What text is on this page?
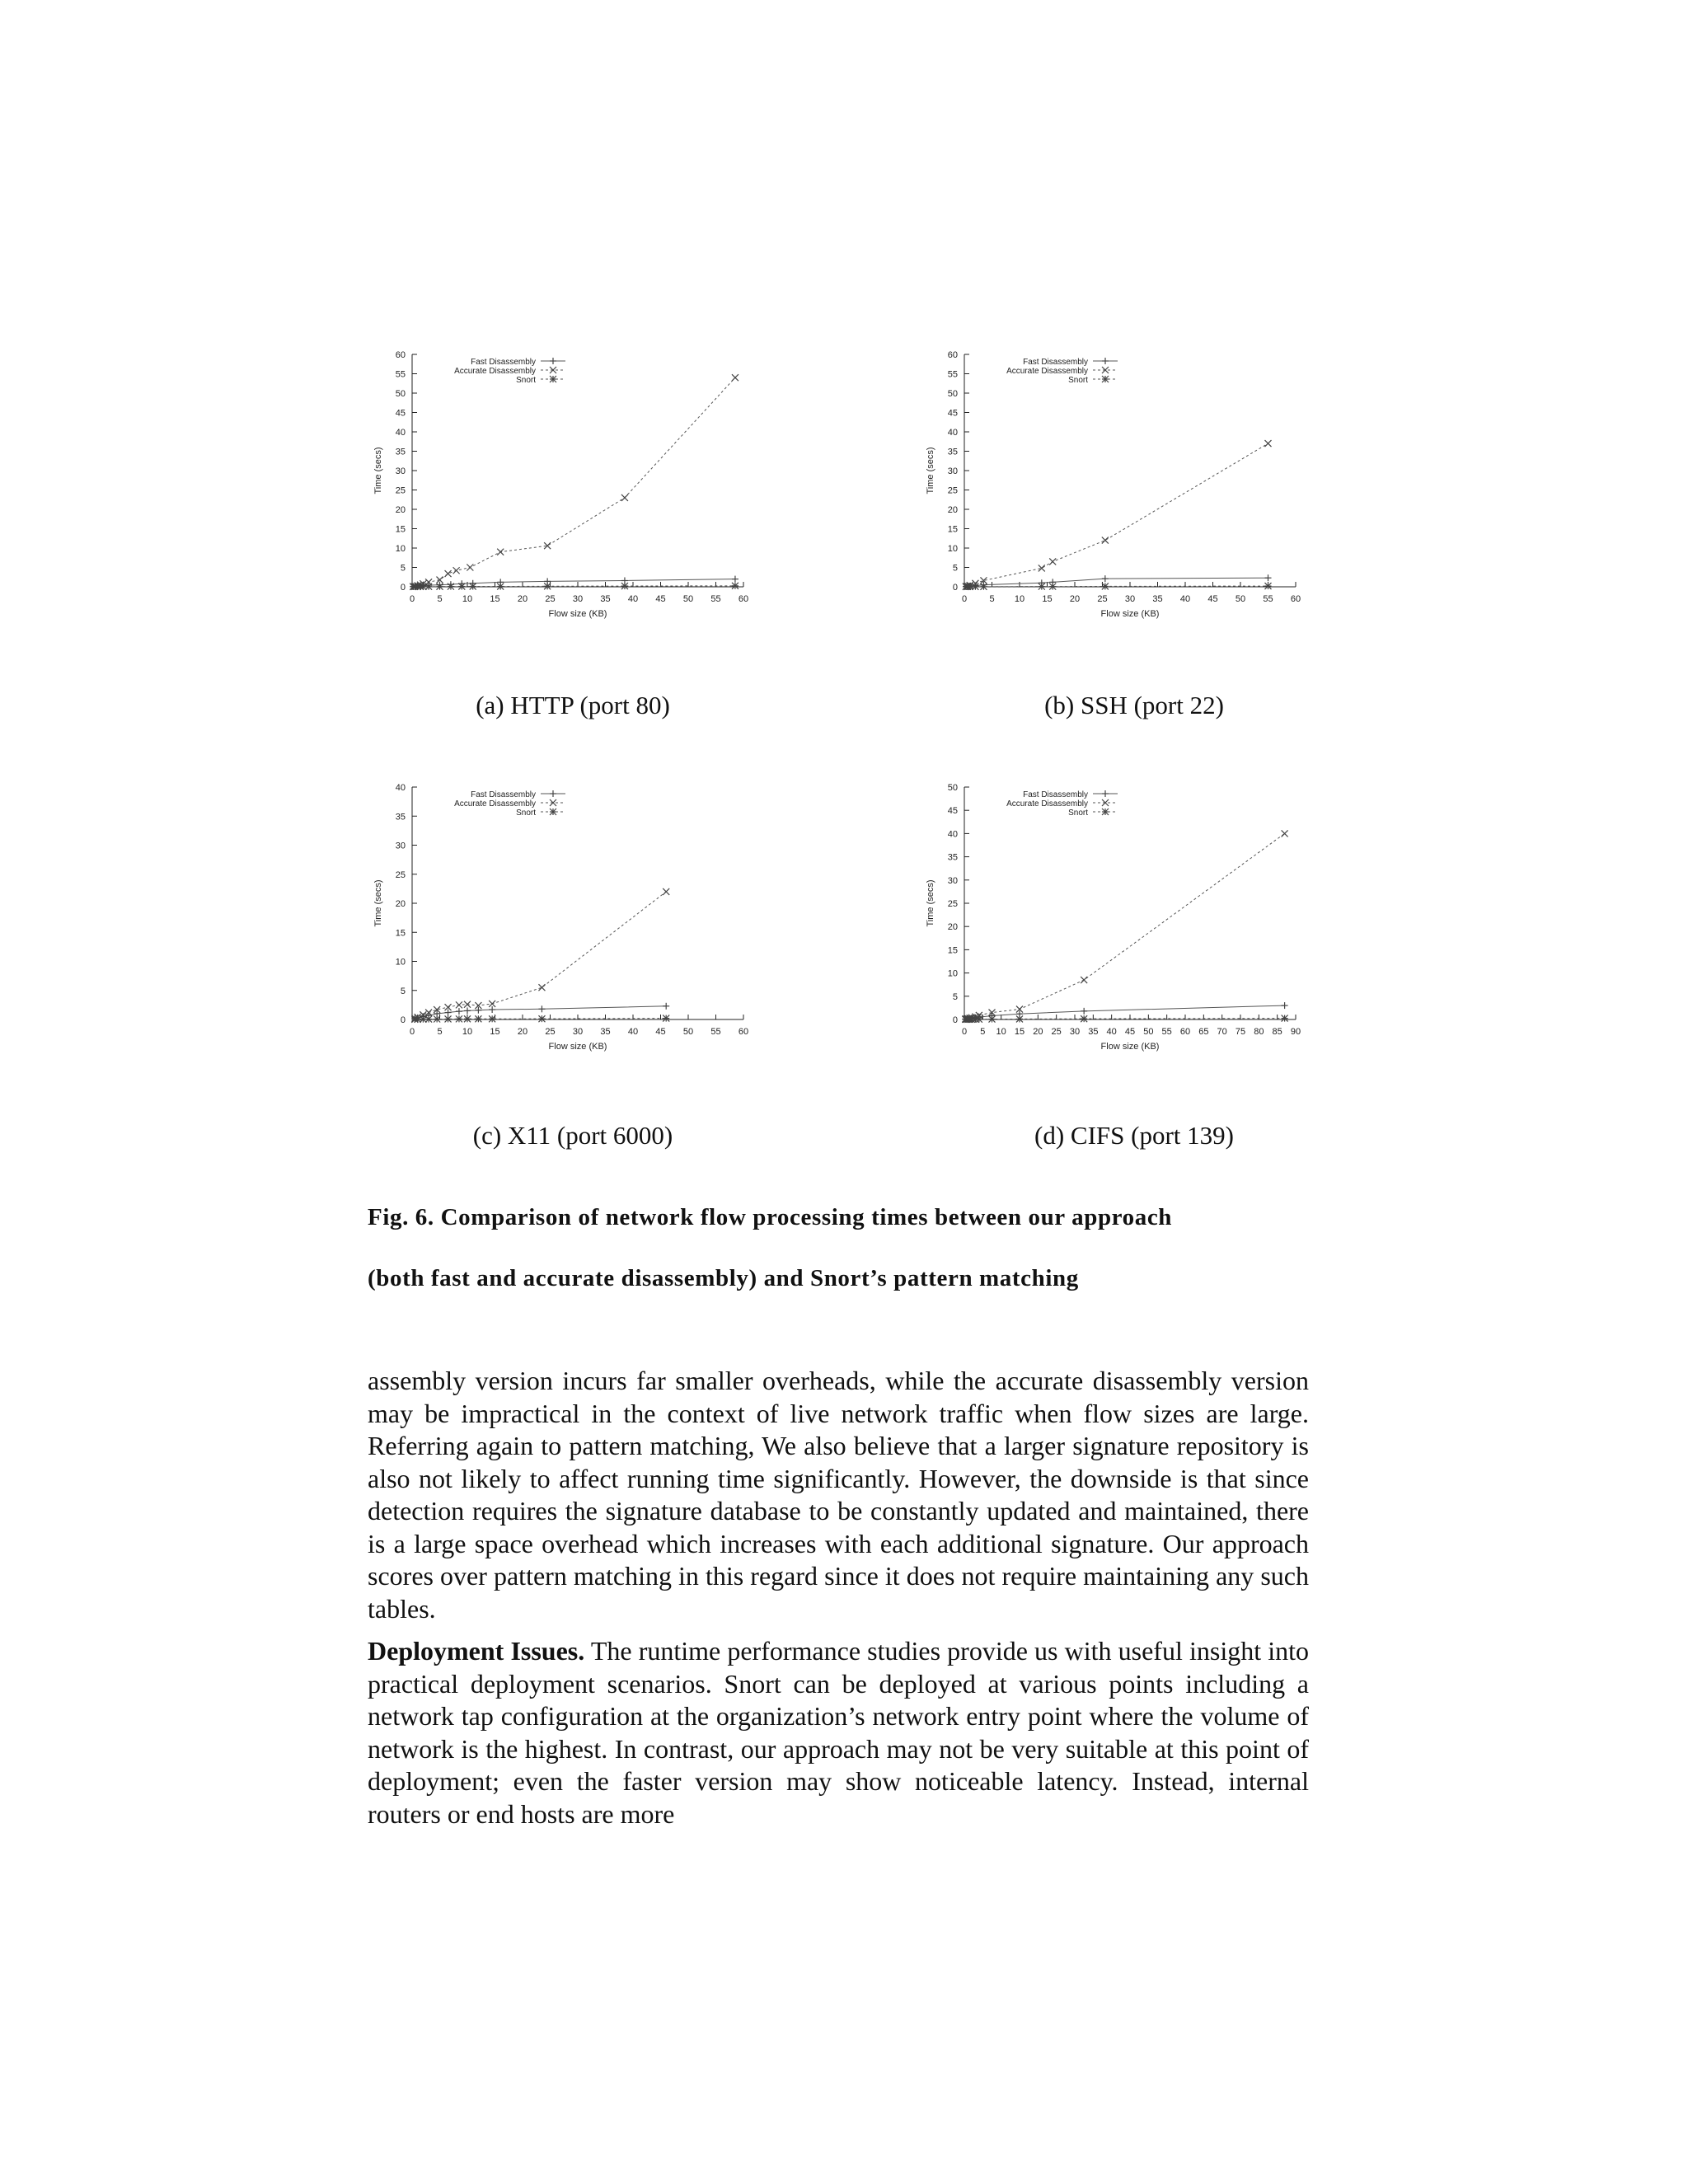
0 5 10 15 20 25 30 35 40 45 50 55 60
0
5
10
15
20
25
30
35
40
45
50
55
60
Flow size (KB)
Time (secs)
Fast Disassembly
Accurate Disassembly
Snort
0 5 10 15 20 25 30 35 40 45 50 55 60
0
5
10
15
20
25
30
35
40
45
50
55
60
Flow size (KB)
Time (secs)
Fast Disassembly
Accurate Disassembly
Snort
0 5 10 15 20 25 30 35 40 45 50 55 60
0
5
10
15
20
25
30
35
40
Flow size (KB)
Time (secs)
Fast Disassembly
Accurate Disassembly
Snort
0 5 10 15 20 25 30 35 40 45 50 55 60 65 70 75 80 85 90
0
5
10
15
20
25
30
35
40
45
50
Flow size (KB)
Time (secs)
Fast Disassembly
Accurate Disassembly
Snort
(a) HTTP (port 80)	(b) SSH (port 22)
(c) X11 (port 6000)	(d) CIFS (port 139)
Fig. 6. Comparison of network flow processing times between our approach
(both fast and accurate disassembly) and Snort’s pattern matching

assembly version incurs far smaller overheads, while the accurate disassembly version may be impractical in the context of live network traffic when flow sizes are large. Referring again to pattern matching, We also believe that a larger signature repository is also not likely to affect running time significantly. However, the downside is that since detection requires the signature database to be constantly updated and maintained, there is a large space overhead which increases with each additional signature. Our approach scores over pattern matching in this regard since it does not require maintaining any such tables.

Deployment Issues. The runtime performance studies provide us with useful insight into practical deployment scenarios. Snort can be deployed at various points including a network tap configuration at the organization’s network entry point where the volume of network is the highest. In contrast, our approach may not be very suitable at this point of deployment; even the faster version may show noticeable latency. Instead, internal routers or end hosts are more
